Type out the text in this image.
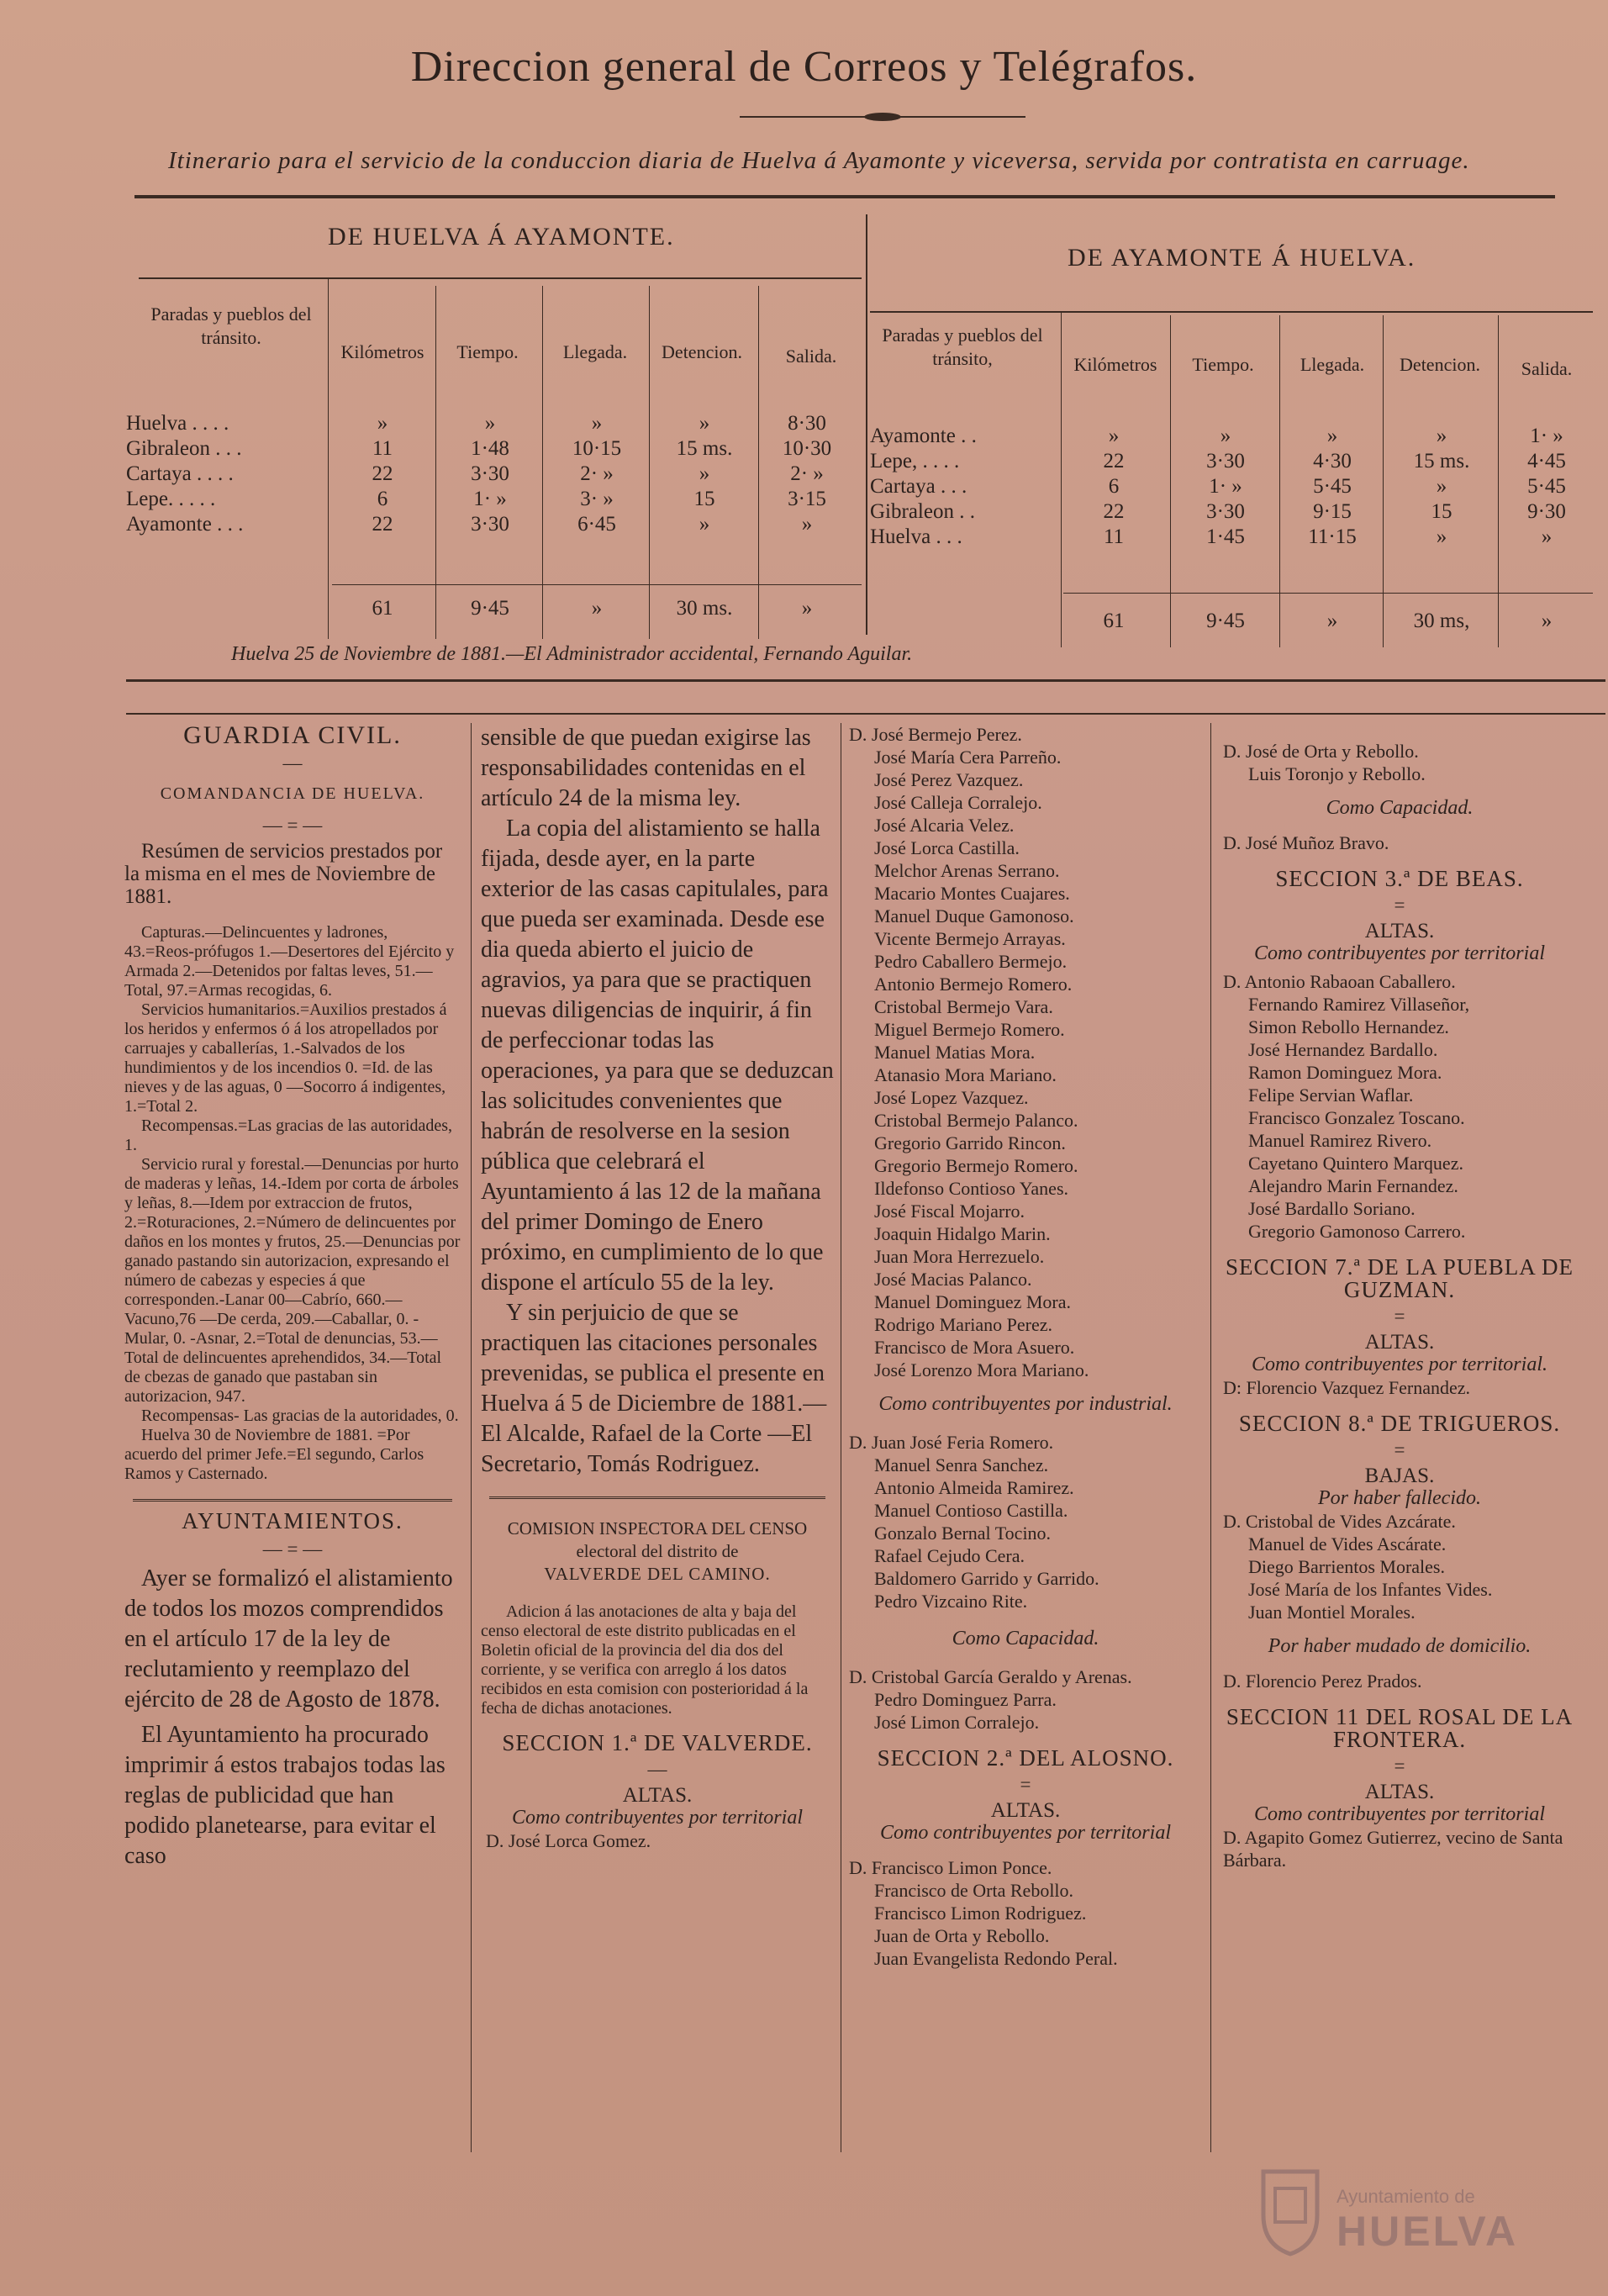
Direccion general de Correos y Telégrafos.
Itinerario para el servicio de la conduccion diaria de Huelva á Ayamonte y viceversa, servida por contratista en carruage.
DE HUELVA Á AYAMONTE.
DE AYAMONTE Á HUELVA.
Paradas y pueblos del tránsito.
Kilómetros	Tiempo.	Llegada.	Detencion.	Salida.
Paradas y pueblos del tránsito,	Kilómetros	Tiempo.	Llegada.	Detencion.	Salida.
Huelva . . . .	»	»	»	»	8·30
Gibraleon . . .	11	1·48	10·15	15 ms.	10·30
Cartaya . . . .	22	3·30	2· »	»	2· »
Lepe. . . . .	6	1· »	3· »	15	3·15
Ayamonte . . .	22	3·30	6·45	»	»
61	9·45	»	30 ms.	»
Ayamonte . .	»	»	»	»	1· »
Lepe, . . . .	22	3·30	4·30	15 ms.	4·45
Cartaya . . .	6	1· »	5·45	»	5·45
Gibraleon . .	22	3·30	9·15	15	9·30
Huelva . . .	11	1·45	11·15	»	»
61	9·45	»	30 ms,	»
Huelva 25 de Noviembre de 1881.—El Administrador accidental, Fernando Aguilar.
GUARDIA CIVIL.
—
COMANDANCIA DE HUELVA.
— = —

Resúmen de servicios prestados por la misma en el mes de Noviembre de 1881.

Capturas.—Delincuentes y ladrones, 43.=Reos-prófugos 1.—Desertores del Ejército y Armada 2.—Detenidos por faltas leves, 51.—Total, 97.=Armas recogidas, 6.

Servicios humanitarios.=Auxilios prestados á los heridos y enfermos ó á los atropellados por carruajes y caballerías, 1.-Salvados de los hundimientos y de los incendios 0. =Id. de las nieves y de las aguas, 0 —Socorro á indigentes, 1.=Total 2.

Recompensas.=Las gracias de las autoridades, 1.

Servicio rural y forestal.—Denuncias por hurto de maderas y leñas, 14.-Idem por corta de árboles y leñas, 8.—Idem por extraccion de frutos, 2.=Roturaciones, 2.=Número de delincuentes por daños en los montes y frutos, 25.—Denuncias por ganado pastando sin autorizacion, expresando el número de cabezas y especies á que corresponden.-Lanar 00—Cabrío, 660.—Vacuno,76 —De cerda, 209.—Caballar, 0. -Mular, 0. -Asnar, 2.=Total de denuncias, 53.—Total de delincuentes aprehendidos, 34.—Total de cbezas de ganado que pastaban sin autorizacion, 947.

Recompensas- Las gracias de la autoridades, 0.

Huelva 30 de Noviembre de 1881. =Por acuerdo del primer Jefe.=El segundo, Carlos Ramos y Casternado.

AYUNTAMIENTOS.
— = —

Ayer se formalizó el alistamiento de todos los mozos comprendidos en el artículo 17 de la ley de reclutamiento y reemplazo del ejército de 28 de Agosto de 1878.

El Ayuntamiento ha procurado imprimir á estos trabajos todas las reglas de publicidad que han podido planetearse, para evitar el caso

sensible de que puedan exigirse las responsabilidades contenidas en el artículo 24 de la misma ley.

La copia del alistamiento se halla fijada, desde ayer, en la parte exterior de las casas capitulales, para que pueda ser examinada. Desde ese dia queda abierto el juicio de agravios, ya para que se practiquen nuevas diligencias de inquirir, á fin de perfeccionar todas las operaciones, ya para que se deduzcan las solicitudes convenientes que habrán de resolverse en la sesion pública que celebrará el Ayuntamiento á las 12 de la mañana del primer Domingo de Enero próximo, en cumplimiento de lo que dispone el artículo 55 de la ley.

Y sin perjuicio de que se practiquen las citaciones personales prevenidas, se publica el presente en Huelva á 5 de Diciembre de 1881.—El Alcalde, Rafael de la Corte —El Secretario, Tomás Rodriguez.

COMISION INSPECTORA DEL CENSO
electoral del distrito de
VALVERDE DEL CAMINO.

Adicion á las anotaciones de alta y baja del censo electoral de este distrito publicadas en el Boletin oficial de la provincia del dia dos del corriente, y se verifica con arreglo á los datos recibidos en esta comision con posterioridad á la fecha de dichas anotaciones.

SECCION 1.ª DE VALVERDE.
—
ALTAS.
Como contribuyentes por territorial

D. José Lorca Gomez.

D. José Bermejo Perez.

José María Cera Parreño.

José Perez Vazquez.

José Calleja Corralejo.

José Alcaria Velez.

José Lorca Castilla.

Melchor Arenas Serrano.

Macario Montes Cuajares.

Manuel Duque Gamonoso.

Vicente Bermejo Arrayas.

Pedro Caballero Bermejo.

Antonio Bermejo Romero.

Cristobal Bermejo Vara.

Miguel Bermejo Romero.

Manuel Matias Mora.

Atanasio Mora Mariano.

José Lopez Vazquez.

Cristobal Bermejo Palanco.

Gregorio Garrido Rincon.

Gregorio Bermejo Romero.

Ildefonso Contioso Yanes.

José Fiscal Mojarro.

Joaquin Hidalgo Marin.

Juan Mora Herrezuelo.

José Macias Palanco.

Manuel Dominguez Mora.

Rodrigo Mariano Perez.

Francisco de Mora Asuero.

José Lorenzo Mora Mariano.

Como contribuyentes por industrial.

D. Juan José Feria Romero.

Manuel Senra Sanchez.

Antonio Almeida Ramirez.

Manuel Contioso Castilla.

Gonzalo Bernal Tocino.

Rafael Cejudo Cera.

Baldomero Garrido y Garrido.

Pedro Vizcaino Rite.

Como Capacidad.

D. Cristobal García Geraldo y Arenas.

Pedro Dominguez Parra.

José Limon Corralejo.

SECCION 2.ª DEL ALOSNO.
=
ALTAS.
Como contribuyentes por territorial

D. Francisco Limon Ponce.

Francisco de Orta Rebollo.

Francisco Limon Rodriguez.

Juan de Orta y Rebollo.

Juan Evangelista Redondo Peral.

D. José de Orta y Rebollo.

Luis Toronjo y Rebollo.

Como Capacidad.

D. José Muñoz Bravo.

SECCION 3.ª DE BEAS.
=
ALTAS.
Como contribuyentes por territorial

D. Antonio Rabaoan Caballero.

Fernando Ramirez Villaseñor,

Simon Rebollo Hernandez.

José Hernandez Bardallo.

Ramon Dominguez Mora.

Felipe Servian Waflar.

Francisco Gonzalez Toscano.

Manuel Ramirez Rivero.

Cayetano Quintero Marquez.

Alejandro Marin Fernandez.

José Bardallo Soriano.

Gregorio Gamonoso Carrero.

SECCION 7.ª DE LA PUEBLA DE GUZMAN.
=
ALTAS.
Como contribuyentes por territorial.

D: Florencio Vazquez Fernandez.

SECCION 8.ª DE TRIGUEROS.
=
BAJAS.
Por haber fallecido.

D. Cristobal de Vides Azcárate.

Manuel de Vides Ascárate.

Diego Barrientos Morales.

José María de los Infantes Vides.

Juan Montiel Morales.

Por haber mudado de domicilio.

D. Florencio Perez Prados.

SECCION 11 DEL ROSAL DE LA FRONTERA.
=
ALTAS.
Como contribuyentes por territorial

D. Agapito Gomez Gutierrez, vecino de Santa Bárbara.

Ayuntamiento de
HUELVA
